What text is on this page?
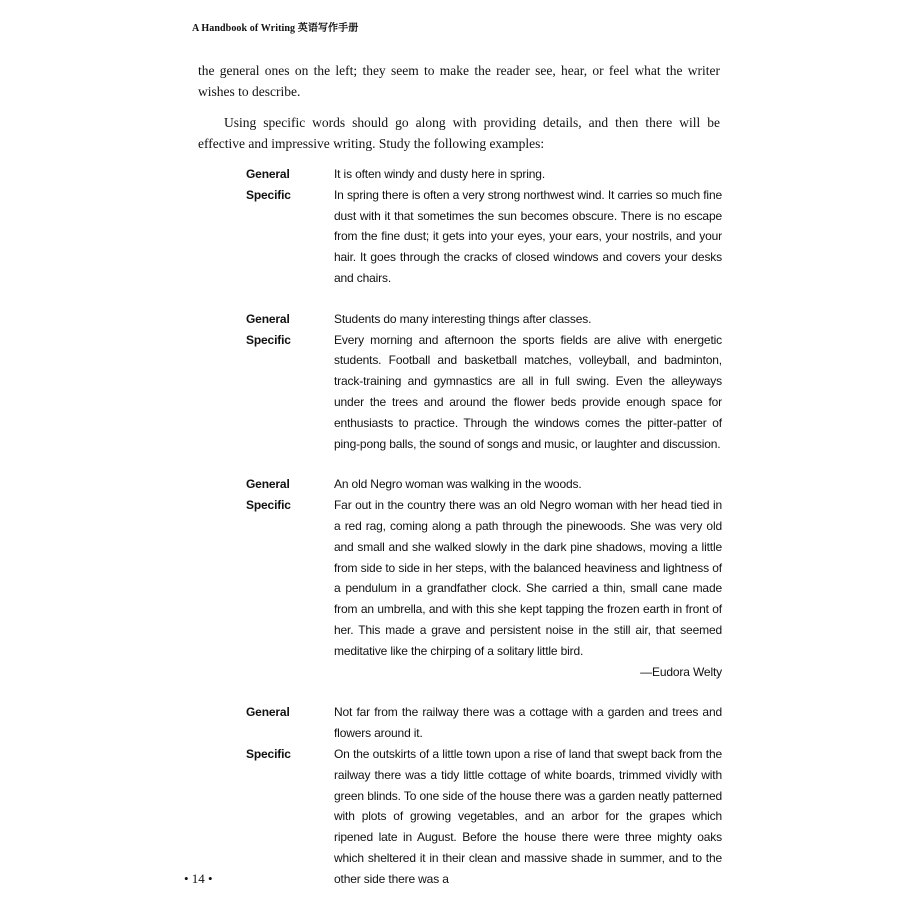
A Handbook of Writing 英语写作手册

the general ones on the left; they seem to make the reader see, hear, or feel what the writer wishes to describe.

Using specific words should go along with providing details, and then there will be effective and impressive writing. Study the following examples:

General	It is often windy and dusty here in spring.
Specific	In spring there is often a very strong northwest wind. It carries so much fine dust with it that sometimes the sun becomes obscure. There is no escape from the fine dust; it gets into your eyes, your ears, your nostrils, and your hair. It goes through the cracks of closed windows and covers your desks and chairs.
General	Students do many interesting things after classes.
Specific	Every morning and afternoon the sports fields are alive with energetic students. Football and basketball matches, volleyball, and badminton, track-training and gymnastics are all in full swing. Even the alleyways under the trees and around the flower beds provide enough space for enthusiasts to practice. Through the windows comes the pitter-patter of ping-pong balls, the sound of songs and music, or laughter and discussion.
General	An old Negro woman was walking in the woods.
Specific	Far out in the country there was an old Negro woman with her head tied in a red rag, coming along a path through the pinewoods. She was very old and small and she walked slowly in the dark pine shadows, moving a little from side to side in her steps, with the balanced heaviness and lightness of a pendulum in a grandfather clock. She carried a thin, small cane made from an umbrella, and with this she kept tapping the frozen earth in front of her. This made a grave and persistent noise in the still air, that seemed meditative like the chirping of a solitary little bird.
—Eudora Welty
General	Not far from the railway there was a cottage with a garden and trees and flowers around it.
Specific	On the outskirts of a little town upon a rise of land that swept back from the railway there was a tidy little cottage of white boards, trimmed vividly with green blinds. To one side of the house there was a garden neatly patterned with plots of growing vegetables, and an arbor for the grapes which ripened late in August. Before the house there were three mighty oaks which sheltered it in their clean and massive shade in summer, and to the other side there was a
• 14 •
